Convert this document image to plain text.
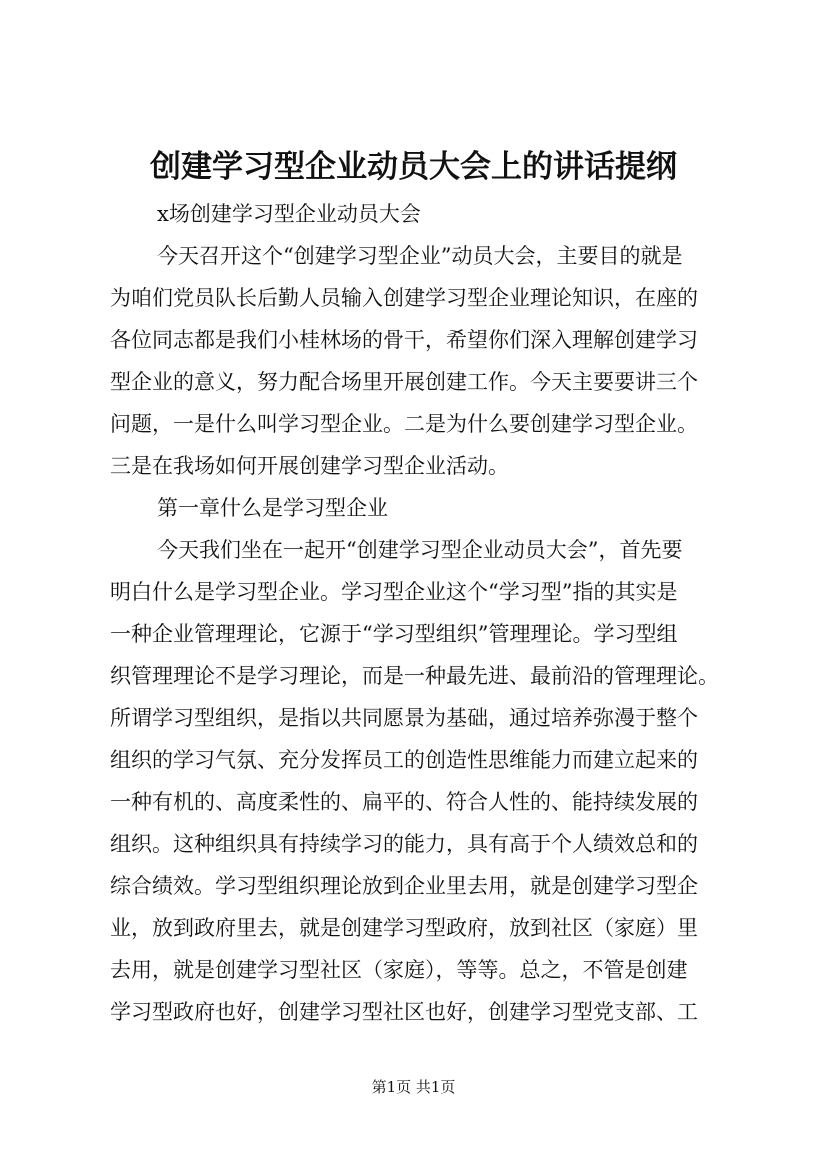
创建学习型企业动员大会上的讲话提纲

x场创建学习型企业动员大会

今天召开这个“创建学习型企业”动员大会，主要目的就是

为咱们党员队长后勤人员输入创建学习型企业理论知识，在座的

各位同志都是我们小桂林场的骨干，希望你们深入理解创建学习

型企业的意义，努力配合场里开展创建工作。今天主要要讲三个

问题，一是什么叫学习型企业。二是为什么要创建学习型企业。

三是在我场如何开展创建学习型企业活动。

第一章什么是学习型企业

今天我们坐在一起开“创建学习型企业动员大会”，首先要

明白什么是学习型企业。学习型企业这个“学习型”指的其实是

一种企业管理理论，它源于“学习型组织”管理理论。学习型组

织管理理论不是学习理论，而是一种最先进、最前沿的管理理论。

所谓学习型组织，是指以共同愿景为基础，通过培养弥漫于整个

组织的学习气氛、充分发挥员工的创造性思维能力而建立起来的

一种有机的、高度柔性的、扁平的、符合人性的、能持续发展的

组织。这种组织具有持续学习的能力，具有高于个人绩效总和的

综合绩效。学习型组织理论放到企业里去用，就是创建学习型企

业，放到政府里去，就是创建学习型政府，放到社区（家庭）里

去用，就是创建学习型社区（家庭），等等。总之，不管是创建

学习型政府也好，创建学习型社区也好，创建学习型党支部、工

第1页 共1页
